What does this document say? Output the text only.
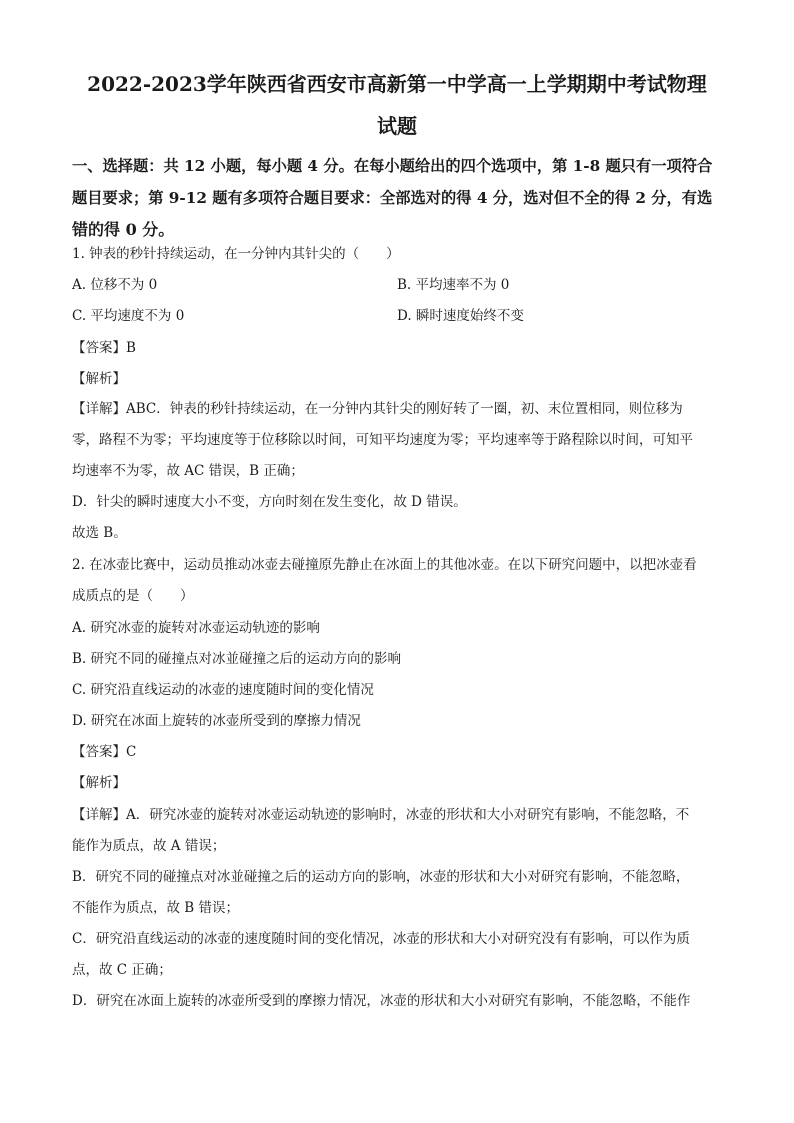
2022-2023学年陕西省西安市高新第一中学高一上学期期中考试物理
试题
一、选择题：共 12 小题，每小题 4 分。在每小题给出的四个选项中，第 1-8 题只有一项符合
题目要求；第 9-12 题有多项符合题目要求：全部选对的得 4 分，选对但不全的得 2 分，有选
错的得 0 分。
1. 钟表的秒针持续运动，在一分钟内其针尖的（　　）
A. 位移不为 0	B. 平均速率不为 0
C. 平均速度不为 0	D. 瞬时速度始终不变
【答案】B
【解析】
【详解】ABC．钟表的秒针持续运动，在一分钟内其针尖的刚好转了一圈，初、末位置相同，则位移为
零，路程不为零；平均速度等于位移除以时间，可知平均速度为零；平均速率等于路程除以时间，可知平
均速率不为零，故 AC 错误，B 正确；
D．针尖的瞬时速度大小不变，方向时刻在发生变化，故 D 错误。
故选 B。
2. 在冰壶比赛中，运动员推动冰壶去碰撞原先静止在冰面上的其他冰壶。在以下研究问题中，以把冰壶看
成质点的是（　　）
A. 研究冰壶的旋转对冰壶运动轨迹的影响
B. 研究不同的碰撞点对冰並碰撞之后的运动方向的影响
C. 研究沿直线运动的冰壶的速度随时间的变化情况
D. 研究在冰面上旋转的冰壶所受到的摩擦力情况
【答案】C
【解析】
【详解】A．研究冰壶的旋转对冰壶运动轨迹的影响时，冰壶的形状和大小对研究有影响，不能忽略，不
能作为质点，故 A 错误；
B．研究不同的碰撞点对冰並碰撞之后的运动方向的影响，冰壶的形状和大小对研究有影响，不能忽略，
不能作为质点，故 B 错误；
C．研究沿直线运动的冰壶的速度随时间的变化情况，冰壶的形状和大小对研究没有有影响，可以作为质
点，故 C 正确；
D．研究在冰面上旋转的冰壶所受到的摩擦力情况，冰壶的形状和大小对研究有影响，不能忽略，不能作
